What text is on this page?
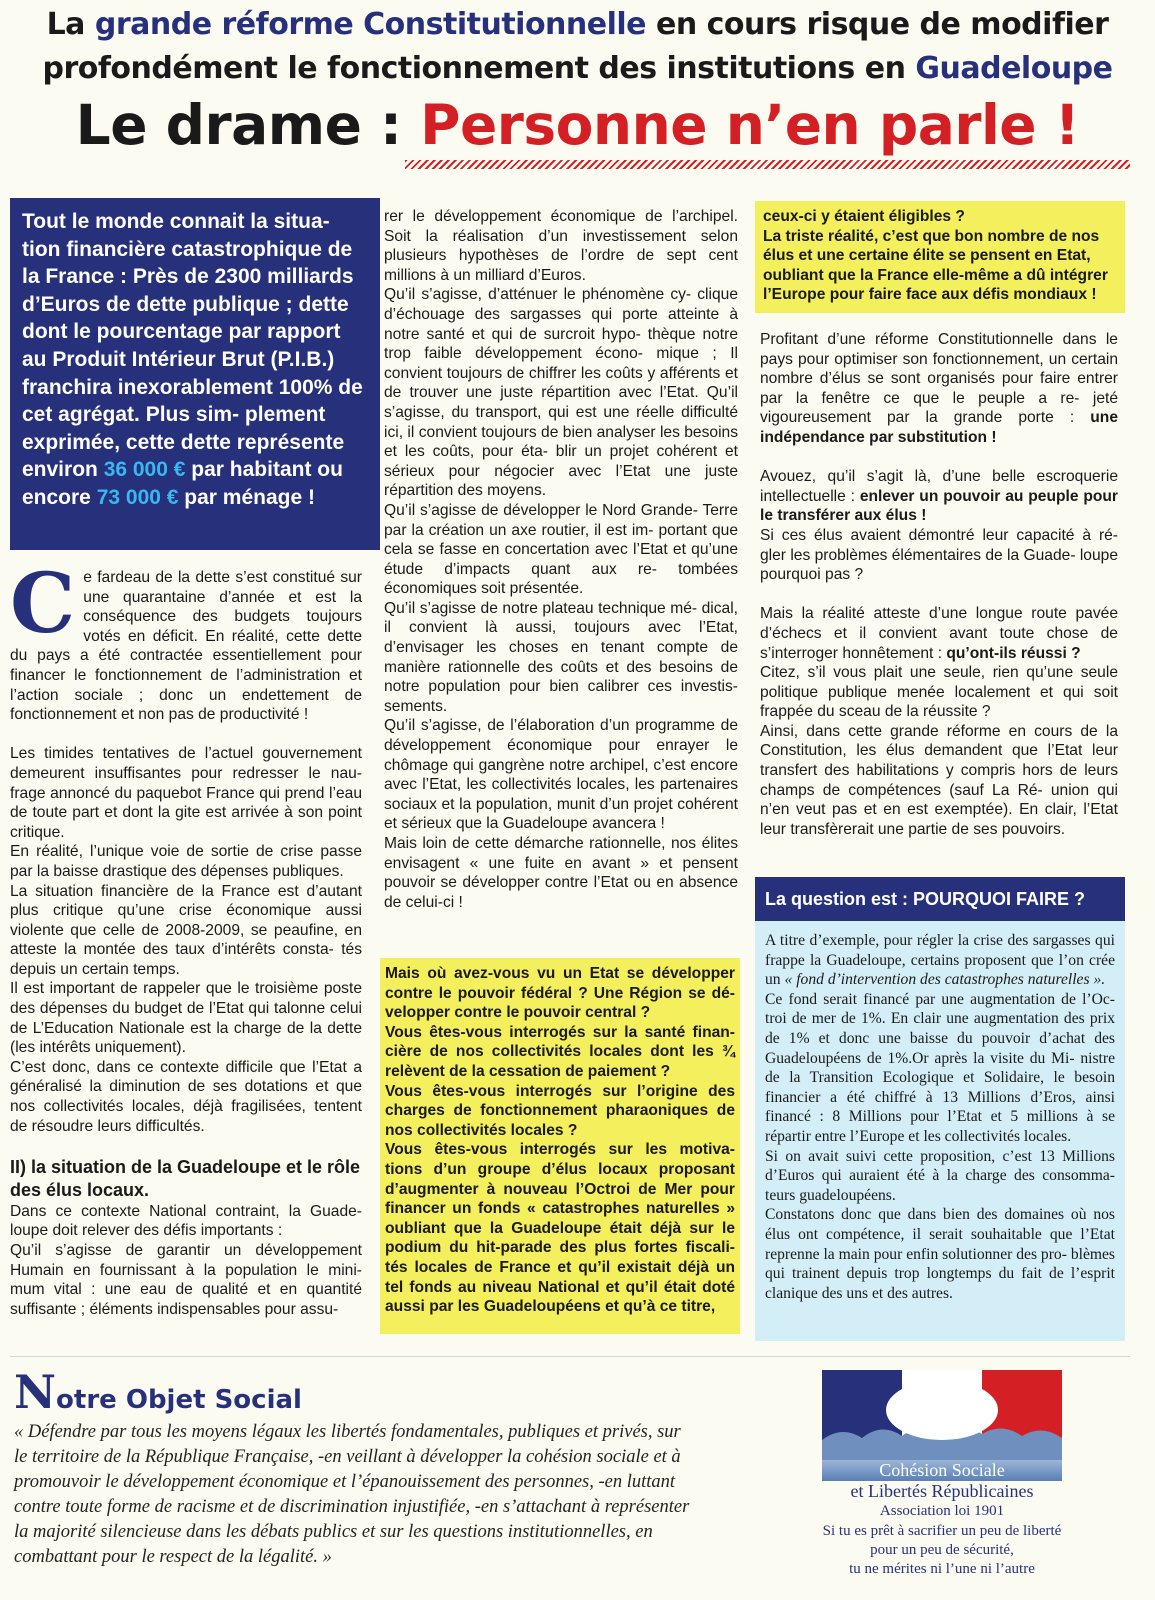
La grande réforme Constitutionnelle en cours risque de modifier
profondément le fonctionnement des institutions en Guadeloupe
Le drame : Personne n’en parle !
Tout le monde connait la situa- tion financière catastrophique de la France : Près de 2300 milliards d’Euros de dette publique ; dette dont le pourcentage par rapport au Produit Intérieur Brut (P.I.B.) franchira inexorablement 100% de cet agrégat. Plus sim- plement exprimée, cette dette représente environ 36 000 € par habitant ou encore 73 000 € par ménage !
C e fardeau de la dette s’est constitué sur une quarantaine d’année et est la conséquence des budgets toujours votés en déficit. En réalité, cette dette du pays a été contractée essentiellement pour financer le fonctionnement de l’administration et l’action sociale ; donc un endettement de fonctionnement et non pas de productivité !

Les timides tentatives de l’actuel gouvernement demeurent insuffisantes pour redresser le nau- frage annoncé du paquebot France qui prend l’eau de toute part et dont la gite est arrivée à son point critique.

En réalité, l’unique voie de sortie de crise passe par la baisse drastique des dépenses publiques.

La situation financière de la France est d’autant plus critique qu’une crise économique aussi violente que celle de 2008-2009, se peaufine, en atteste la montée des taux d’intérêts consta- tés depuis un certain temps.

Il est important de rappeler que le troisième poste des dépenses du budget de l’Etat qui talonne celui de L’Education Nationale est la charge de la dette (les intérêts uniquement).

C’est donc, dans ce contexte difficile que l’Etat a généralisé la diminution de ses dotations et que nos collectivités locales, déjà fragilisées, tentent de résoudre leurs difficultés.

II) la situation de la Guadeloupe et le rôle des élus locaux.

Dans ce contexte National contraint, la Guade- loupe doit relever des défis importants :

Qu’il s’agisse de garantir un développement Humain en fournissant à la population le mini- mum vital : une eau de qualité et en quantité suffisante ; éléments indispensables pour assu-

rer le développement économique de l’archipel. Soit la réalisation d’un investissement selon plusieurs hypothèses de l’ordre de sept cent millions à un milliard d’Euros.

Qu’il s’agisse, d’atténuer le phénomène cy- clique d’échouage des sargasses qui porte atteinte à notre santé et qui de surcroit hypo- thèque notre trop faible développement écono- mique ; Il convient toujours de chiffrer les coûts y afférents et de trouver une juste répartition avec l’Etat. Qu’il s’agisse, du transport, qui est une réelle difficulté ici, il convient toujours de bien analyser les besoins et les coûts, pour éta- blir un projet cohérent et sérieux pour négocier avec l’Etat une juste répartition des moyens.

Qu’il s’agisse de développer le Nord Grande- Terre par la création un axe routier, il est im- portant que cela se fasse en concertation avec l’Etat et qu’une étude d’impacts quant aux re- tombées économiques soit présentée.

Qu’il s’agisse de notre plateau technique mé- dical, il convient là aussi, toujours avec l’Etat, d’envisager les choses en tenant compte de manière rationnelle des coûts et des besoins de notre population pour bien calibrer ces investis- sements.

Qu’il s’agisse, de l’élaboration d’un programme de développement économique pour enrayer le chômage qui gangrène notre archipel, c’est encore avec l’Etat, les collectivités locales, les partenaires sociaux et la population, munit d’un projet cohérent et sérieux que la Guadeloupe avancera !

Mais loin de cette démarche rationnelle, nos élites envisagent « une fuite en avant » et pensent pouvoir se développer contre l’Etat ou en absence de celui-ci !

Mais où avez-vous vu un Etat se développer contre le pouvoir fédéral ? Une Région se dé- velopper contre le pouvoir central ?

Vous êtes-vous interrogés sur la santé finan- cière de nos collectivités locales dont les ¾ relèvent de la cessation de paiement ?

Vous êtes-vous interrogés sur l’origine des charges de fonctionnement pharaoniques de nos collectivités locales ?

Vous êtes-vous interrogés sur les motiva- tions d’un groupe d’élus locaux proposant d’augmenter à nouveau l’Octroi de Mer pour financer un fonds « catastrophes naturelles » oubliant que la Guadeloupe était déjà sur le podium du hit-parade des plus fortes fiscali- tés locales de France et qu’il existait déjà un tel fonds au niveau National et qu’il était doté aussi par les Guadeloupéens et qu’à ce titre,

ceux-ci y étaient éligibles ?

La triste réalité, c’est que bon nombre de nos élus et une certaine élite se pensent en Etat, oubliant que la France elle-même a dû intégrer l’Europe pour faire face aux défis mondiaux !

Profitant d’une réforme Constitutionnelle dans le pays pour optimiser son fonctionnement, un certain nombre d’élus se sont organisés pour faire entrer par la fenêtre ce que le peuple a re- jeté vigoureusement par la grande porte : une indépendance par substitution !

Avouez, qu’il s’agit là, d’une belle escroquerie intellectuelle : enlever un pouvoir au peuple pour le transférer aux élus !

Si ces élus avaient démontré leur capacité à ré- gler les problèmes élémentaires de la Guade- loupe pourquoi pas ?

Mais la réalité atteste d’une longue route pavée d’échecs et il convient avant toute chose de s’interroger honnêtement : qu’ont-ils réussi ?

Citez, s’il vous plait une seule, rien qu’une seule politique publique menée localement et qui soit frappée du sceau de la réussite ?

Ainsi, dans cette grande réforme en cours de la Constitution, les élus demandent que l’Etat leur transfert des habilitations y compris hors de leurs champs de compétences (sauf La Ré- union qui n’en veut pas et en est exemptée). En clair, l’Etat leur transfèrerait une partie de ses pouvoirs.

La question est : POURQUOI FAIRE ?

A titre d’exemple, pour régler la crise des sargasses qui frappe la Guadeloupe, certains proposent que l’on crée un « fond d’intervention des catastrophes naturelles ».

Ce fond serait financé par une augmentation de l’Oc- troi de mer de 1%. En clair une augmentation des prix de 1% et donc une baisse du pouvoir d’achat des Guadeloupéens de 1%.Or après la visite du Mi- nistre de la Transition Ecologique et Solidaire, le besoin financier a été chiffré à 13 Millions d’Eros, ainsi financé : 8 Millions pour l’Etat et 5 millions à se répartir entre l’Europe et les collectivités locales.

Si on avait suivi cette proposition, c’est 13 Millions d’Euros qui auraient été à la charge des consomma- teurs guadeloupéens.

Constatons donc que dans bien des domaines où nos élus ont compétence, il serait souhaitable que l’Etat reprenne la main pour enfin solutionner des pro- blèmes qui trainent depuis trop longtemps du fait de l’esprit clanique des uns et des autres.

Notre Objet Social
« Défendre par tous les moyens légaux les libertés fondamentales, publiques et privés, sur
le territoire de la République Française, -en veillant à développer la cohésion sociale et à
promouvoir le développement économique et l’épanouissement des personnes, -en luttant
contre toute forme de racisme et de discrimination injustifiée, -en s’attachant à représenter
la majorité silencieuse dans les débats publics et sur les questions institutionnelles, en
combattant pour le respect de la légalité. »
Cohésion Sociale
et Libertés Républicaines
Association loi 1901
Si tu es prêt à sacrifier un peu de liberté
pour un peu de sécurité,
tu ne mérites ni l’une ni l’autre
